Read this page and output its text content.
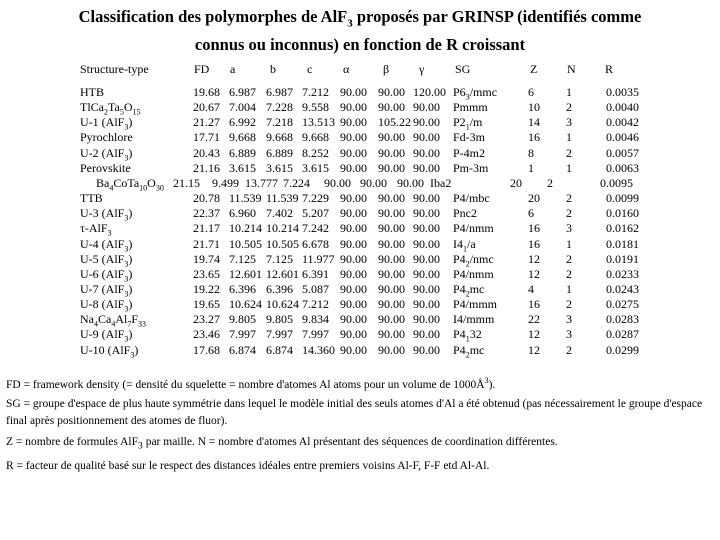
Classification des polymorphes de AlF$_3$ proposés par GRINSP (identifiés comme
connus ou inconnus) en fonction de R croissant
Structure-type	FD a	b	c	α	β γ	SG	Z N R
HTB	19.68 6.987 6.987 7.212 90.00 90.00 120.00 $P6_3$/mmc	6	1	0.0035
$TlCa_2Ta_5O_{15}$	20.67 7.004 7.228 9.558 90.00 90.00 90.00 Pmmm	10 2	0.0040
U-1 (AlF$_3$)	21.27 6.992 7.218 13.513 90.00 105.22 90.00 $P2_1/m$	14 3	0.0042
Pyrochlore	17.71 9.668 9.668 9.668 90.00 90.00 90.00 Fd-3m	16 1	0.0046
U-2 (AlF$_3$)	20.43 6.889 6.889 8.252 90.00 90.00 90.00 P-4m2	8	2	0.0057
Perovskite	21.16 3.615 3.615 3.615 90.00 90.00 90.00 Pm-3m	1	1	0.0063
$Ba_4CoTa_{10}O_{30}$ 21.15 9.499 13.777 7.224 90.00 90.00 90.00 Iba2	20 2	0.0095
TTB	20.78 11.539 11.539 7.229 90.00 90.00 90.00 P4/mbc	20 2	0.0099
U-3 (AlF$_3$)	22.37 6.960 7.402 5.207 90.00 90.00 90.00 Pnc2	6	2	0.0160
τ-AlF$_3$	21.17 10.214 10.214 7.242 90.00 90.00 90.00 P4/nmm	16 3	0.0162
U-4 (AlF$_3$)	21.71 10.505 10.505 6.678 90.00 90.00 90.00 $I4_1/a$	16 1	0.0181
U-5 (AlF$_3$)	19.74 7.125 7.125 11.977 90.00 90.00 90.00 $P4_2$/nmc	12 2	0.0191
U-6 (AlF$_3$)	23.65 12.601 12.601 6.391 90.00 90.00 90.00 P4/nmm	12 2	0.0233
U-7 (AlF$_3$)	19.22 6.396 6.396 5.087 90.00 90.00 90.00 $P4_2mc$	4	1	0.0243
U-8 (AlF$_3$)	19.65 10.624 10.624 7.212 90.00 90.00 90.00 P4/mmm	16 2	0.0275
$Na_4Ca_4Al_7F_{33}$	23.27 9.805 9.805 9.834 90.00 90.00 90.00 I4/mmm	22 3	0.0283
U-9 (AlF$_3$)	23.46 7.997 7.997 7.997 90.00 90.00 90.00 $P4_132$	12 3	0.0287
U-10 (AlF$_3$)	17.68 6.874 6.874 14.360 90.00 90.00 90.00 $P4_2mc$	12 2	0.0299
FD = framework density (= densité du squelette = nombre d'atomes Al atoms pour un volume de $1000Å^3$).
SG = groupe d'espace de plus haute symmétrie dans lequel le modèle initial des seuls atomes d'Al a été obtenud (pas nécessairement le groupe d'espace final après positionnement des atomes de fluor).
Z = nombre de formules AlF$_3$ par maille. N = nombre d'atomes Al présentant des séquences de coordination différentes.
R = facteur de qualité basé sur le respect des distances idéales entre premiers voisins Al-F, F-F etd Al-Al.
